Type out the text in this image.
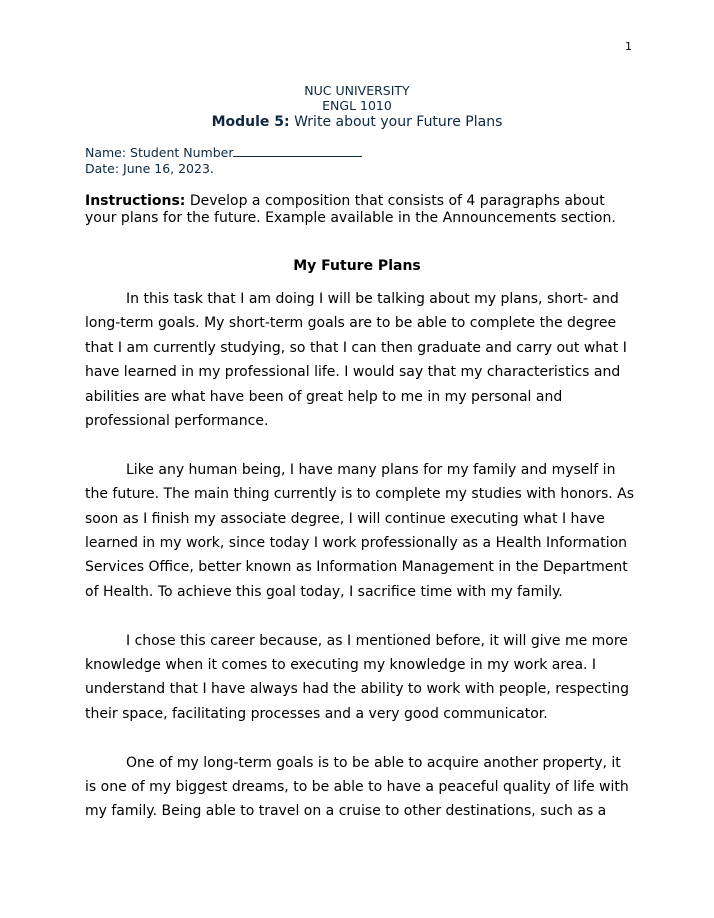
1
NUC UNIVERSITY
ENGL 1010
Module 5: Write about your Future Plans
Name: Student Number
Date: June 16, 2023.
Instructions: Develop a composition that consists of 4 paragraphs about your plans for the future. Example available in the Announcements section.
My Future Plans

In this task that I am doing I will be talking about my plans, short- and long-term goals. My short-term goals are to be able to complete the degree that I am currently studying, so that I can then graduate and carry out what I have learned in my professional life. I would say that my characteristics and abilities are what have been of great help to me in my personal and professional performance.

Like any human being, I have many plans for my family and myself in the future. The main thing currently is to complete my studies with honors. As soon as I finish my associate degree, I will continue executing what I have learned in my work, since today I work professionally as a Health Information Services Office, better known as Information Management in the Department of Health. To achieve this goal today, I sacrifice time with my family.

I chose this career because, as I mentioned before, it will give me more knowledge when it comes to executing my knowledge in my work area. I understand that I have always had the ability to work with people, respecting their space, facilitating processes and a very good communicator.

One of my long-term goals is to be able to acquire another property, it is one of my biggest dreams, to be able to have a peaceful quality of life with my family. Being able to travel on a cruise to other destinations, such as a
